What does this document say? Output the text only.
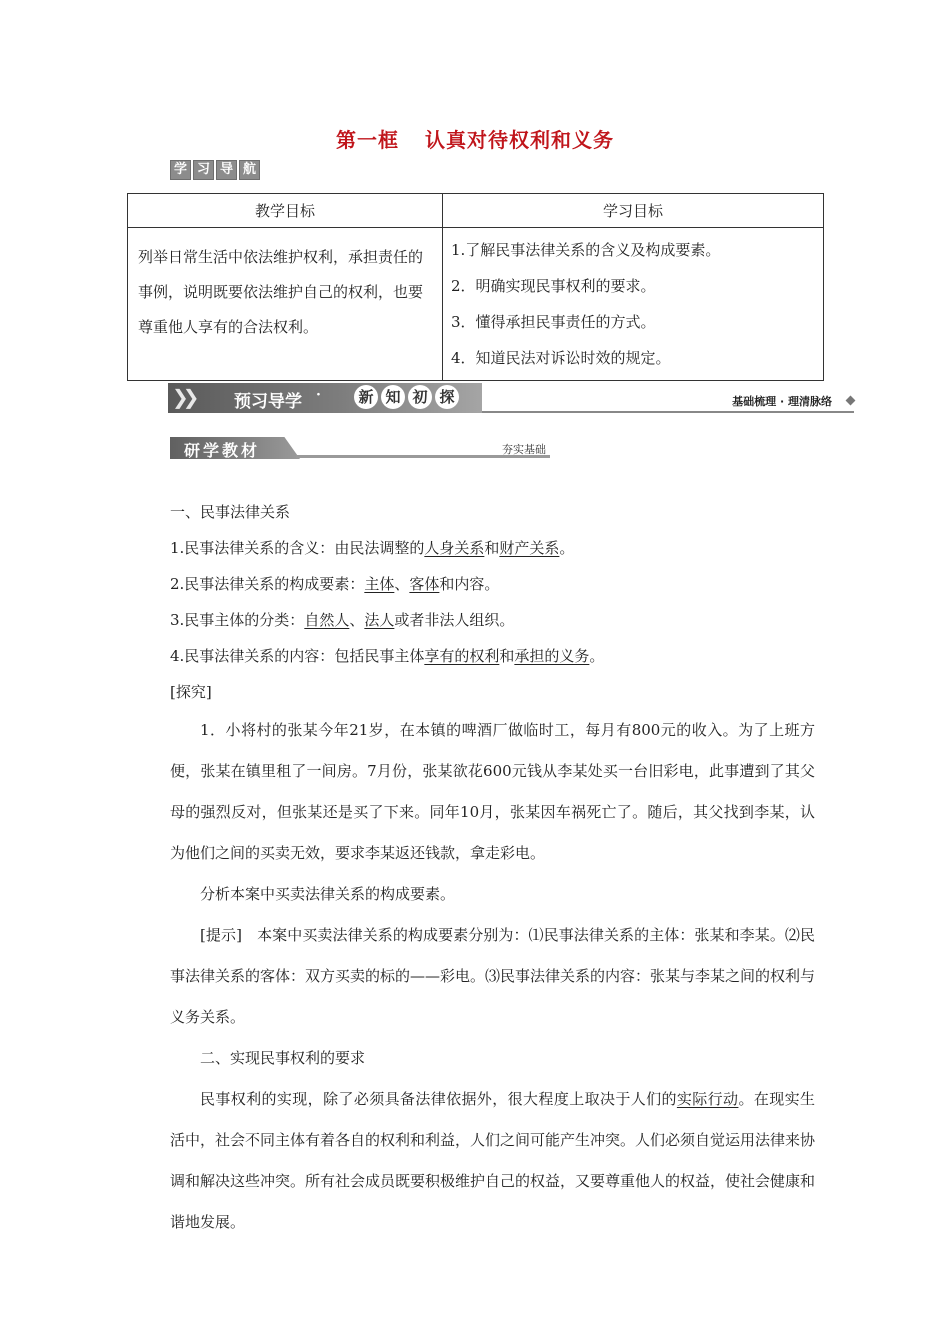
第一框 认真对待权利和义务
学 习 导 航
教学目标	学习目标
列举日常生活中依法维护权利，承担责任的事例，说明既要依法维护自己的权利，也要尊重他人享有的合法权利。	1.了解民事法律关系的含义及构成要素。
2．明确实现民事权利的要求。
3．懂得承担民事责任的方式。
4．知道民法对诉讼时效的规定。
❯❯ 预习导学 ·	新 知 初 探	基础梳理 · 理清脉络
研学教材	夯实基础

一、民事法律关系

1.民事法律关系的含义：由民法调整的人身关系和财产关系。

2.民事法律关系的构成要素：主体、客体和内容。

3.民事主体的分类：自然人、法人或者非法人组织。

4.民事法律关系的内容：包括民事主体享有的权利和承担的义务。

[探究]

1．小将村的张某今年21岁，在本镇的啤酒厂做临时工，每月有800元的收入。为了上班方便，张某在镇里租了一间房。7月份，张某欲花600元钱从李某处买一台旧彩电，此事遭到了其父母的强烈反对，但张某还是买了下来。同年10月，张某因车祸死亡了。随后，其父找到李某，认为他们之间的买卖无效，要求李某返还钱款，拿走彩电。

分析本案中买卖法律关系的构成要素。

[提示]　本案中买卖法律关系的构成要素分别为：⑴民事法律关系的主体：张某和李某。⑵民事法律关系的客体：双方买卖的标的——彩电。⑶民事法律关系的内容：张某与李某之间的权利与义务关系。

二、实现民事权利的要求

民事权利的实现，除了必须具备法律依据外，很大程度上取决于人们的实际行动。在现实生活中，社会不同主体有着各自的权利和利益，人们之间可能产生冲突。人们必须自觉运用法律来协调和解决这些冲突。所有社会成员既要积极维护自己的权益，又要尊重他人的权益，使社会健康和谐地发展。
